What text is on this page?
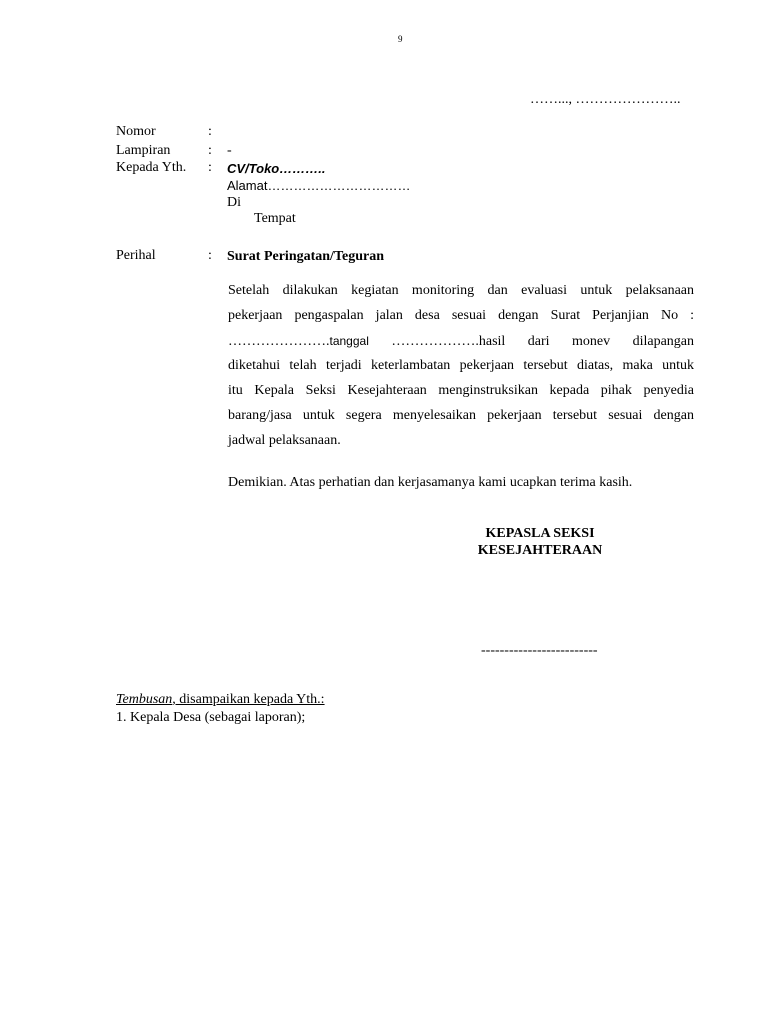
9
……..., …………………..
Nomor	:
Lampiran	: -
Kepada Yth. : CV/Toko………..
Alamat……………………………
Di
Tempat
Perihal	: Surat Peringatan/Teguran
Setelah dilakukan kegiatan monitoring dan evaluasi untuk pelaksanaan
pekerjaan pengaspalan jalan desa sesuai dengan Surat Perjanjian No :
………………….tanggal ……………….hasil dari monev dilapangan
diketahui telah terjadi keterlambatan pekerjaan tersebut diatas, maka untuk
itu Kepala Seksi Kesejahteraan menginstruksikan kepada pihak penyedia
barang/jasa untuk segera menyelesaikan pekerjaan tersebut sesuai dengan
jadwal pelaksanaan.
Demikian. Atas perhatian dan kerjasamanya kami ucapkan terima kasih.
KEPASLA SEKSI
KESEJAHTERAAN
-------------------------
Tembusan, disampaikan kepada Yth.:
1. Kepala Desa (sebagai laporan);
